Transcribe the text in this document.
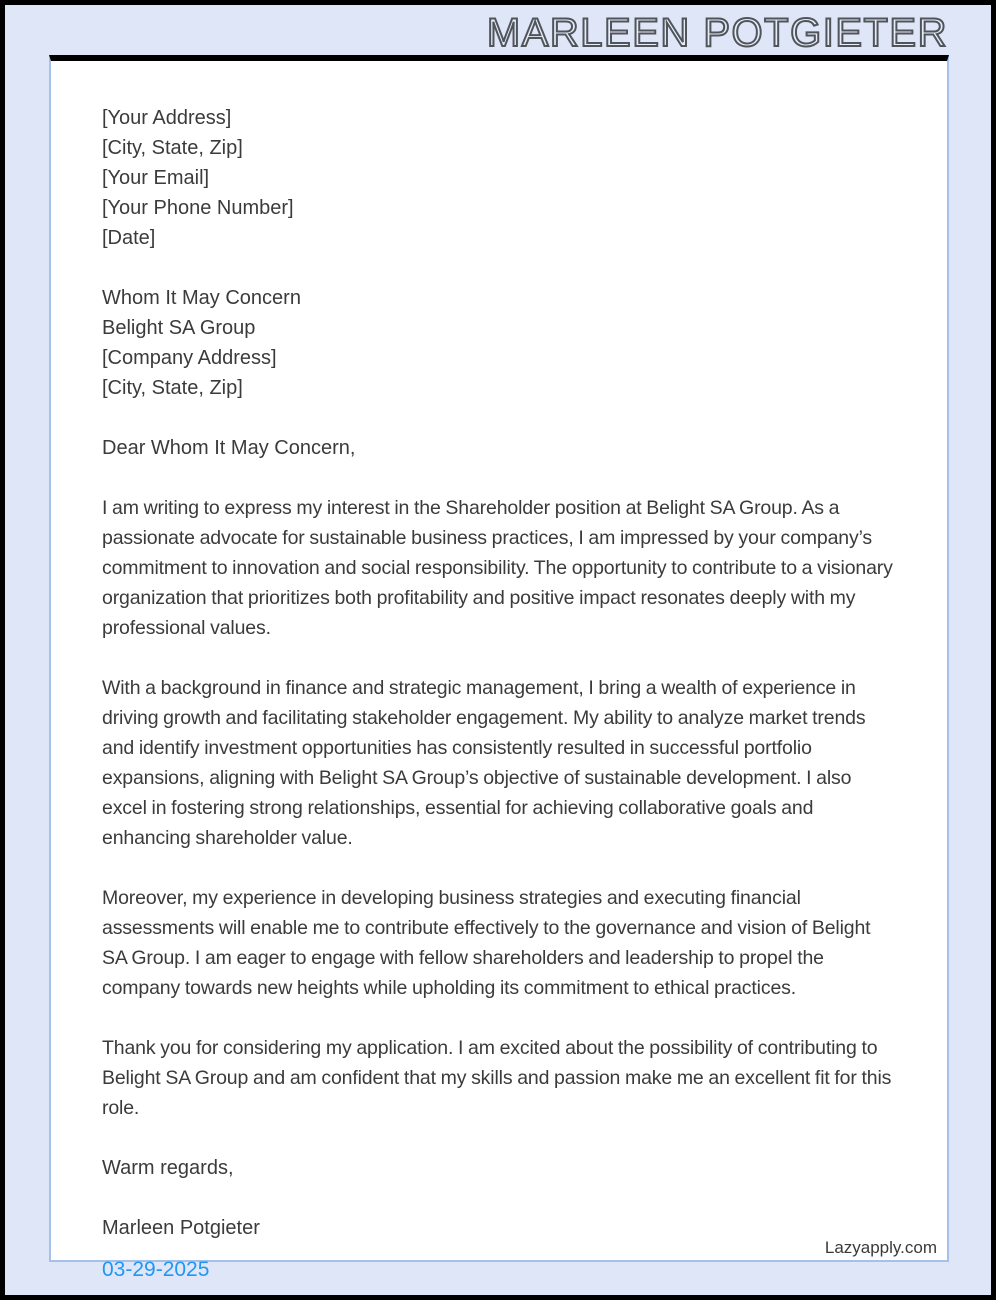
MARLEEN POTGIETER
[Your Address]
[City, State, Zip]
[Your Email]
[Your Phone Number]
[Date]
Whom It May Concern
Belight SA Group
[Company Address]
[City, State, Zip]
Dear Whom It May Concern,
I am writing to express my interest in the Shareholder position at Belight SA Group. As a passionate advocate for sustainable business practices, I am impressed by your company’s commitment to innovation and social responsibility. The opportunity to contribute to a visionary organization that prioritizes both profitability and positive impact resonates deeply with my professional values.
With a background in finance and strategic management, I bring a wealth of experience in driving growth and facilitating stakeholder engagement. My ability to analyze market trends and identify investment opportunities has consistently resulted in successful portfolio expansions, aligning with Belight SA Group’s objective of sustainable development. I also excel in fostering strong relationships, essential for achieving collaborative goals and enhancing shareholder value.
Moreover, my experience in developing business strategies and executing financial assessments will enable me to contribute effectively to the governance and vision of Belight SA Group. I am eager to engage with fellow shareholders and leadership to propel the company towards new heights while upholding its commitment to ethical practices.
Thank you for considering my application. I am excited about the possibility of contributing to Belight SA Group and am confident that my skills and passion make me an excellent fit for this role.
Warm regards,
Marleen Potgieter
03-29-2025
Lazyapply.com
